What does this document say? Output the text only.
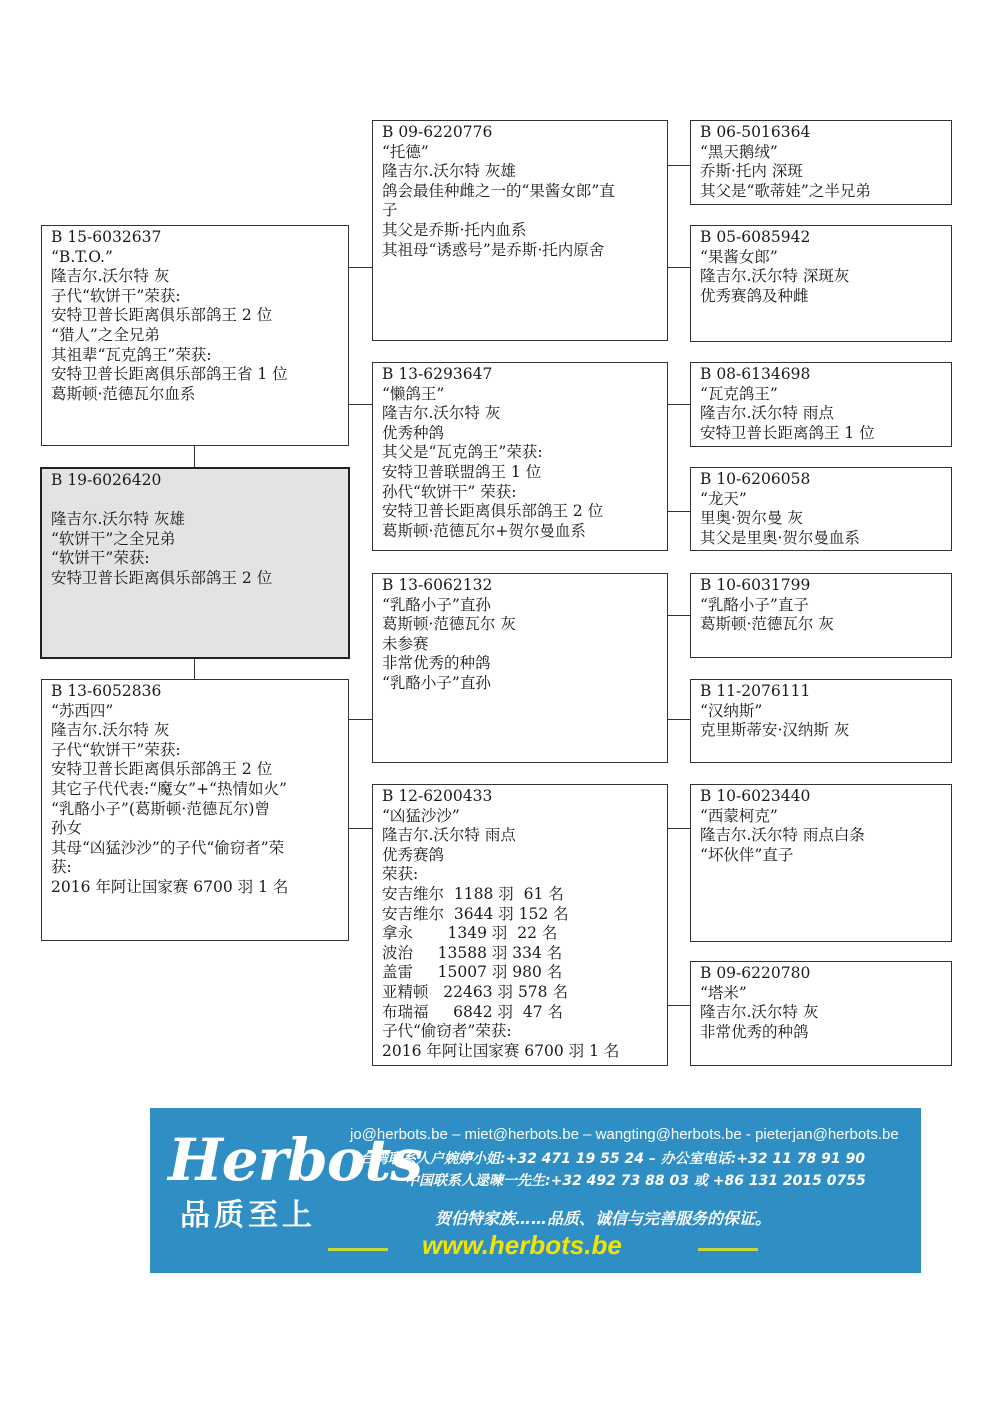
B 15-6032637
“B.T.O.”
隆吉尔.沃尔特 灰
子代“软饼干”荣获:
安特卫普长距离俱乐部鸽王 2 位
“猎人”之全兄弟
其祖辈“瓦克鸽王”荣获:
安特卫普长距离俱乐部鸽王省 1 位
葛斯顿·范德瓦尔血系
B 19-6026420

隆吉尔.沃尔特 灰雄
“软饼干”之全兄弟
“软饼干”荣获:
安特卫普长距离俱乐部鸽王 2 位
B 13-6052836
“苏西四”
隆吉尔.沃尔特 灰
子代“软饼干”荣获:
安特卫普长距离俱乐部鸽王 2 位
其它子代代表:“魔女”+“热情如火”
“乳酪小子”(葛斯顿·范德瓦尔)曾
孙女
其母“凶猛沙沙”的子代“偷窃者”荣
获:
2016 年阿让国家赛 6700 羽 1 名
B 09-6220776
“托德”
隆吉尔.沃尔特 灰雄
鸽会最佳种雌之一的“果酱女郎”直
子
其父是乔斯·托内血系
其祖母“诱惑号”是乔斯·托内原舍
B 13-6293647
“懒鸽王”
隆吉尔.沃尔特 灰
优秀种鸽
其父是“瓦克鸽王”荣获:
安特卫普联盟鸽王 1 位
孙代“软饼干” 荣获:
安特卫普长距离俱乐部鸽王 2 位
葛斯顿·范德瓦尔+贺尔曼血系
B 13-6062132
“乳酪小子”直孙
葛斯顿·范德瓦尔 灰
未参赛
非常优秀的种鸽
“乳酪小子”直孙
B 12-6200433
“凶猛沙沙”
隆吉尔.沃尔特 雨点
优秀赛鸽
荣获:
安吉维尔  1188 羽  61 名
安吉维尔  3644 羽 152 名
拿永       1349 羽  22 名
波治     13588 羽 334 名
盖雷     15007 羽 980 名
亚精顿   22463 羽 578 名
布瑞福     6842 羽  47 名
子代“偷窃者”荣获:
2016 年阿让国家赛 6700 羽 1 名
B 06-5016364
“黑天鹅绒”
乔斯·托内 深斑
其父是“歌蒂娃”之半兄弟
B 05-6085942
“果酱女郎”
隆吉尔.沃尔特 深斑灰
优秀赛鸽及种雌
B 08-6134698
“瓦克鸽王”
隆吉尔.沃尔特 雨点
安特卫普长距离鸽王 1 位
B 10-6206058
“龙天”
里奥·贺尔曼 灰
其父是里奥·贺尔曼血系
B 10-6031799
“乳酪小子”直子
葛斯顿·范德瓦尔 灰
B 11-2076111
“汉纳斯”
克里斯蒂安·汉纳斯 灰
B 10-6023440
“西蒙柯克”
隆吉尔.沃尔特 雨点白条
“坏伙伴”直子
B 09-6220780
“塔米”
隆吉尔.沃尔特 灰
非常优秀的种鸽
Herbots
品质至上
jo@herbots.be – miet@herbots.be – wangting@herbots.be - pieterjan@herbots.be
台湾联系人户婉婷小姐:+32 471 19 55 24 – 办公室电话:+32 11 78 91 90
中国联系人逯暕一先生:+32 492 73 88 03 或 +86 131 2015 0755
贺伯特家族……品质、诚信与完善服务的保证。
www.herbots.be
